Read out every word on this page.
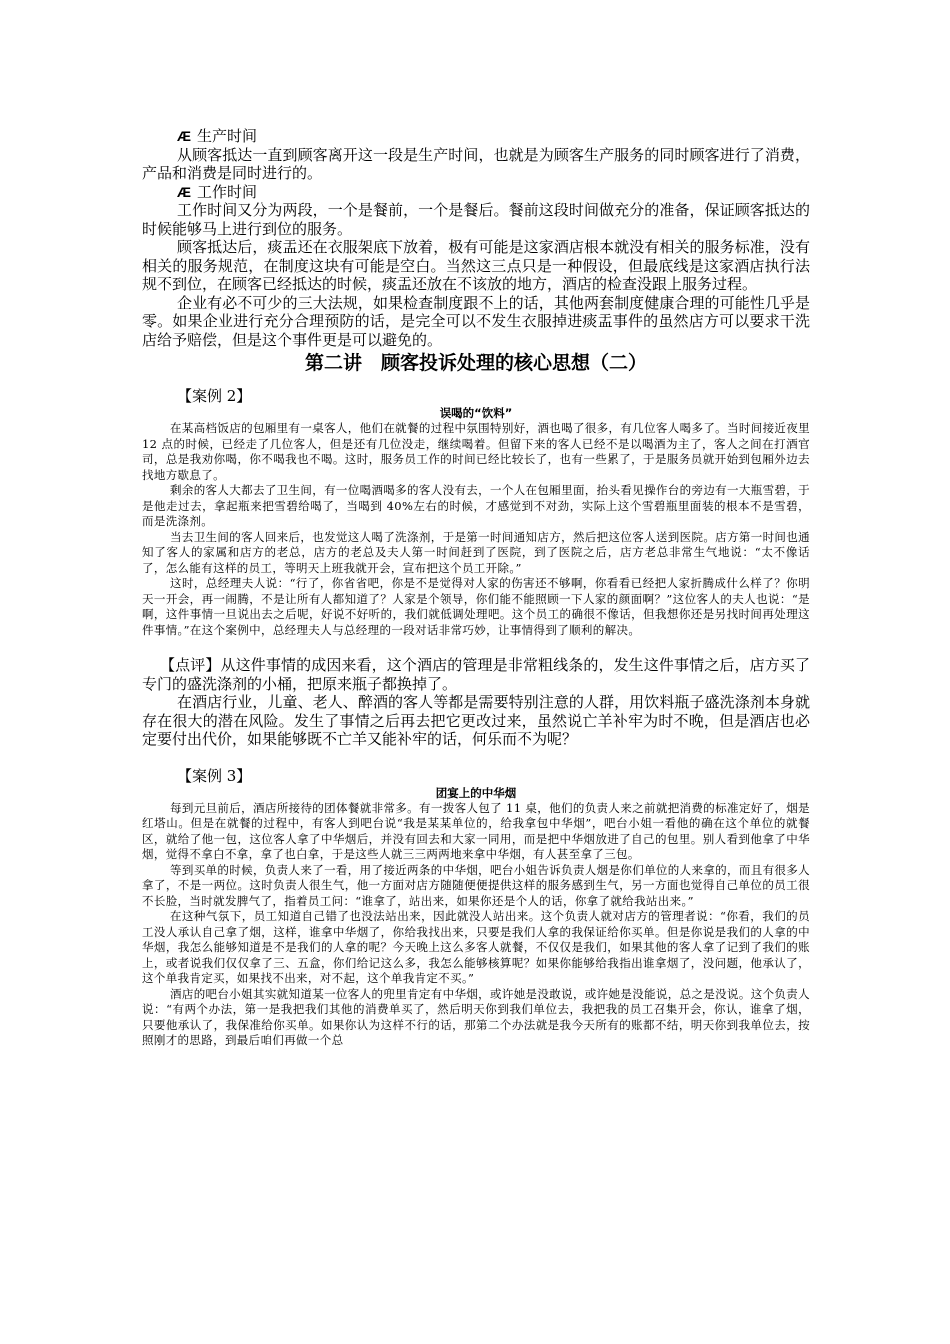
Æ 生产时间

从顾客抵达一直到顾客离开这一段是生产时间，也就是为顾客生产服务的同时顾客进行了消费，产品和消费是同时进行的。

Æ 工作时间

工作时间又分为两段，一个是餐前，一个是餐后。餐前这段时间做充分的准备，保证顾客抵达的时候能够马上进行到位的服务。

顾客抵达后，痰盂还在衣服架底下放着，极有可能是这家酒店根本就没有相关的服务标准，没有相关的服务规范，在制度这块有可能是空白。当然这三点只是一种假设，但最底线是这家酒店执行法规不到位，在顾客已经抵达的时候，痰盂还放在不该放的地方，酒店的检查没跟上服务过程。

企业有必不可少的三大法规，如果检查制度跟不上的话，其他两套制度健康合理的可能性几乎是零。如果企业进行充分合理预防的话，是完全可以不发生衣服掉进痰盂事件的虽然店方可以要求干洗店给予赔偿，但是这个事件更是可以避免的。

第二讲　顾客投诉处理的核心思想（二）

【案例 2】

误喝的“饮料”

在某高档饭店的包厢里有一桌客人，他们在就餐的过程中氛围特别好，酒也喝了很多，有几位客人喝多了。当时间接近夜里 12 点的时候，已经走了几位客人，但是还有几位没走，继续喝着。但留下来的客人已经不是以喝酒为主了，客人之间在打酒官司，总是我劝你喝，你不喝我也不喝。这时，服务员工作的时间已经比较长了，也有一些累了，于是服务员就开始到包厢外边去找地方歇息了。

剩余的客人大都去了卫生间，有一位喝酒喝多的客人没有去，一个人在包厢里面，抬头看见操作台的旁边有一大瓶雪碧，于是他走过去，拿起瓶来把雪碧给喝了，当喝到 40%左右的时候，才感觉到不对劲，实际上这个雪碧瓶里面装的根本不是雪碧，而是洗涤剂。

当去卫生间的客人回来后，也发觉这人喝了洗涤剂，于是第一时间通知店方，然后把这位客人送到医院。店方第一时间也通知了客人的家属和店方的老总，店方的老总及夫人第一时间赶到了医院，到了医院之后，店方老总非常生气地说：“太不像话了，怎么能有这样的员工，等明天上班我就开会，宣布把这个员工开除。”

这时，总经理夫人说：“行了，你省省吧，你是不是觉得对人家的伤害还不够啊，你看看已经把人家折腾成什么样了？你明天一开会，再一闹腾，不是让所有人都知道了？人家是个领导，你们能不能照顾一下人家的颜面啊？”这位客人的夫人也说：“是啊，这件事情一旦说出去之后呢，好说不好听的，我们就低调处理吧。这个员工的确很不像话，但我想你还是另找时间再处理这件事情。”在这个案例中，总经理夫人与总经理的一段对话非常巧妙，让事情得到了顺利的解决。

【点评】从这件事情的成因来看，这个酒店的管理是非常粗线条的，发生这件事情之后，店方买了专门的盛洗涤剂的小桶，把原来瓶子都换掉了。

在酒店行业，儿童、老人、醉酒的客人等都是需要特别注意的人群，用饮料瓶子盛洗涤剂本身就存在很大的潜在风险。发生了事情之后再去把它更改过来，虽然说亡羊补牢为时不晚，但是酒店也必定要付出代价，如果能够既不亡羊又能补牢的话，何乐而不为呢？

【案例 3】

团宴上的中华烟

每到元旦前后，酒店所接待的团体餐就非常多。有一拨客人包了 11 桌，他们的负责人来之前就把消费的标准定好了，烟是红塔山。但是在就餐的过程中，有客人到吧台说“我是某某单位的，给我拿包中华烟”，吧台小姐一看他的确在这个单位的就餐区，就给了他一包，这位客人拿了中华烟后，并没有回去和大家一同用，而是把中华烟放进了自己的包里。别人看到他拿了中华烟，觉得不拿白不拿，拿了也白拿，于是这些人就三三两两地来拿中华烟，有人甚至拿了三包。

等到买单的时候，负责人来了一看，用了接近两条的中华烟，吧台小姐告诉负责人烟是你们单位的人来拿的，而且有很多人拿了，不是一两位。这时负责人很生气，他一方面对店方随随便便提供这样的服务感到生气，另一方面也觉得自己单位的员工很不长脸，当时就发脾气了，指着员工问：“谁拿了，站出来，如果你还是个人的话，你拿了就给我站出来。”

在这种气氛下，员工知道自己错了也没法站出来，因此就没人站出来。这个负责人就对店方的管理者说：“你看，我们的员工没人承认自己拿了烟，这样，谁拿中华烟了，你给我找出来，只要是我们人拿的我保证给你买单。但是你说是我们的人拿的中华烟，我怎么能够知道是不是我们的人拿的呢？今天晚上这么多客人就餐，不仅仅是我们，如果其他的客人拿了记到了我们的账上，或者说我们仅仅拿了三、五盒，你们给记这么多，我怎么能够核算呢？如果你能够给我指出谁拿烟了，没问题，他承认了，这个单我肯定买，如果找不出来，对不起，这个单我肯定不买。”

酒店的吧台小姐其实就知道某一位客人的兜里肯定有中华烟，或许她是没敢说，或许她是没能说，总之是没说。这个负责人说：“有两个办法，第一是我把我们其他的消费单买了，然后明天你到我们单位去，我把我的员工召集开会，你认，谁拿了烟，只要他承认了，我保准给你买单。如果你认为这样不行的话，那第二个办法就是我今天所有的账都不结，明天你到我单位去，按照刚才的思路，到最后咱们再做一个总
